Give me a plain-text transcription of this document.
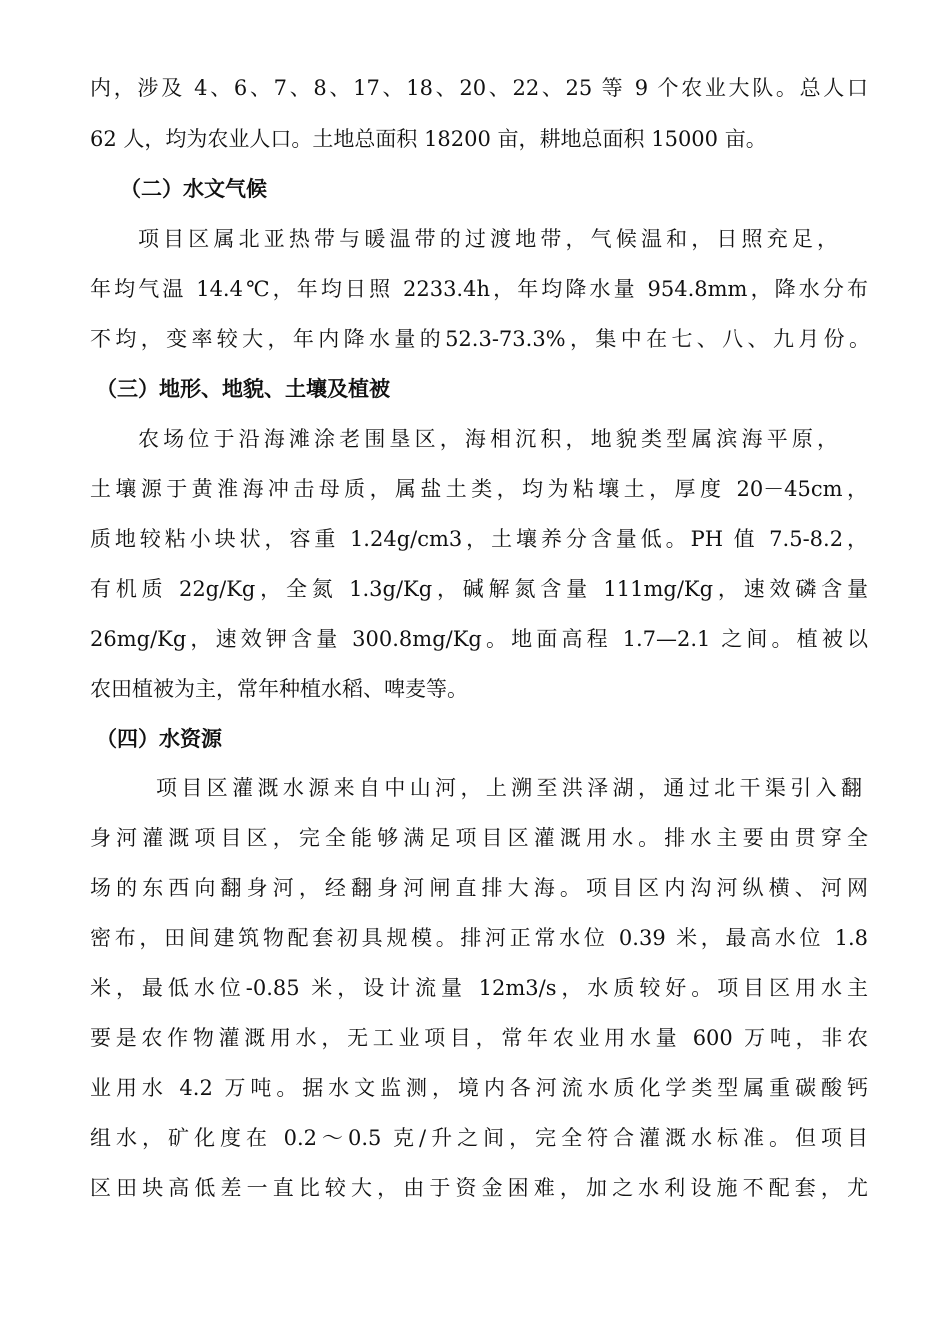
内，涉及 4、6、7、8、17、18、20、22、25 等 9 个农业大队。总人口
62 人，均为农业人口。土地总面积 18200 亩，耕地总面积 15000 亩。
（二）水文气候
项目区属北亚热带与暖温带的过渡地带，气候温和，日照充足，
年均气温 14.4℃，年均日照 2233.4h，年均降水量 954.8mm，降水分布
不均，变率较大，年内降水量的52.3-73.3%，集中在七、八、九月份。
（三）地形、地貌、土壤及植被
农场位于沿海滩涂老围垦区，海相沉积，地貌类型属滨海平原，
土壤源于黄淮海冲击母质，属盐土类，均为粘壤土，厚度 20－45cm，
质地较粘小块状，容重 1.24g/cm3，土壤养分含量低。PH 值 7.5-8.2，
有机质 22g/Kg，全氮 1.3g/Kg，碱解氮含量 111mg/Kg，速效磷含量
26mg/Kg，速效钾含量 300.8mg/Kg。地面高程 1.7—2.1 之间。植被以
农田植被为主，常年种植水稻、啤麦等。
（四）水资源
项目区灌溉水源来自中山河，上溯至洪泽湖，通过北干渠引入翻
身河灌溉项目区，完全能够满足项目区灌溉用水。排水主要由贯穿全
场的东西向翻身河，经翻身河闸直排大海。项目区内沟河纵横、河网
密布，田间建筑物配套初具规模。排河正常水位 0.39 米，最高水位 1.8
米，最低水位-0.85 米，设计流量 12m3/s，水质较好。项目区用水主
要是农作物灌溉用水，无工业项目，常年农业用水量 600 万吨，非农
业用水 4.2 万吨。据水文监测，境内各河流水质化学类型属重碳酸钙
组水，矿化度在 0.2～0.5 克/升之间，完全符合灌溉水标准。但项目
区田块高低差一直比较大，由于资金困难，加之水利设施不配套，尤
